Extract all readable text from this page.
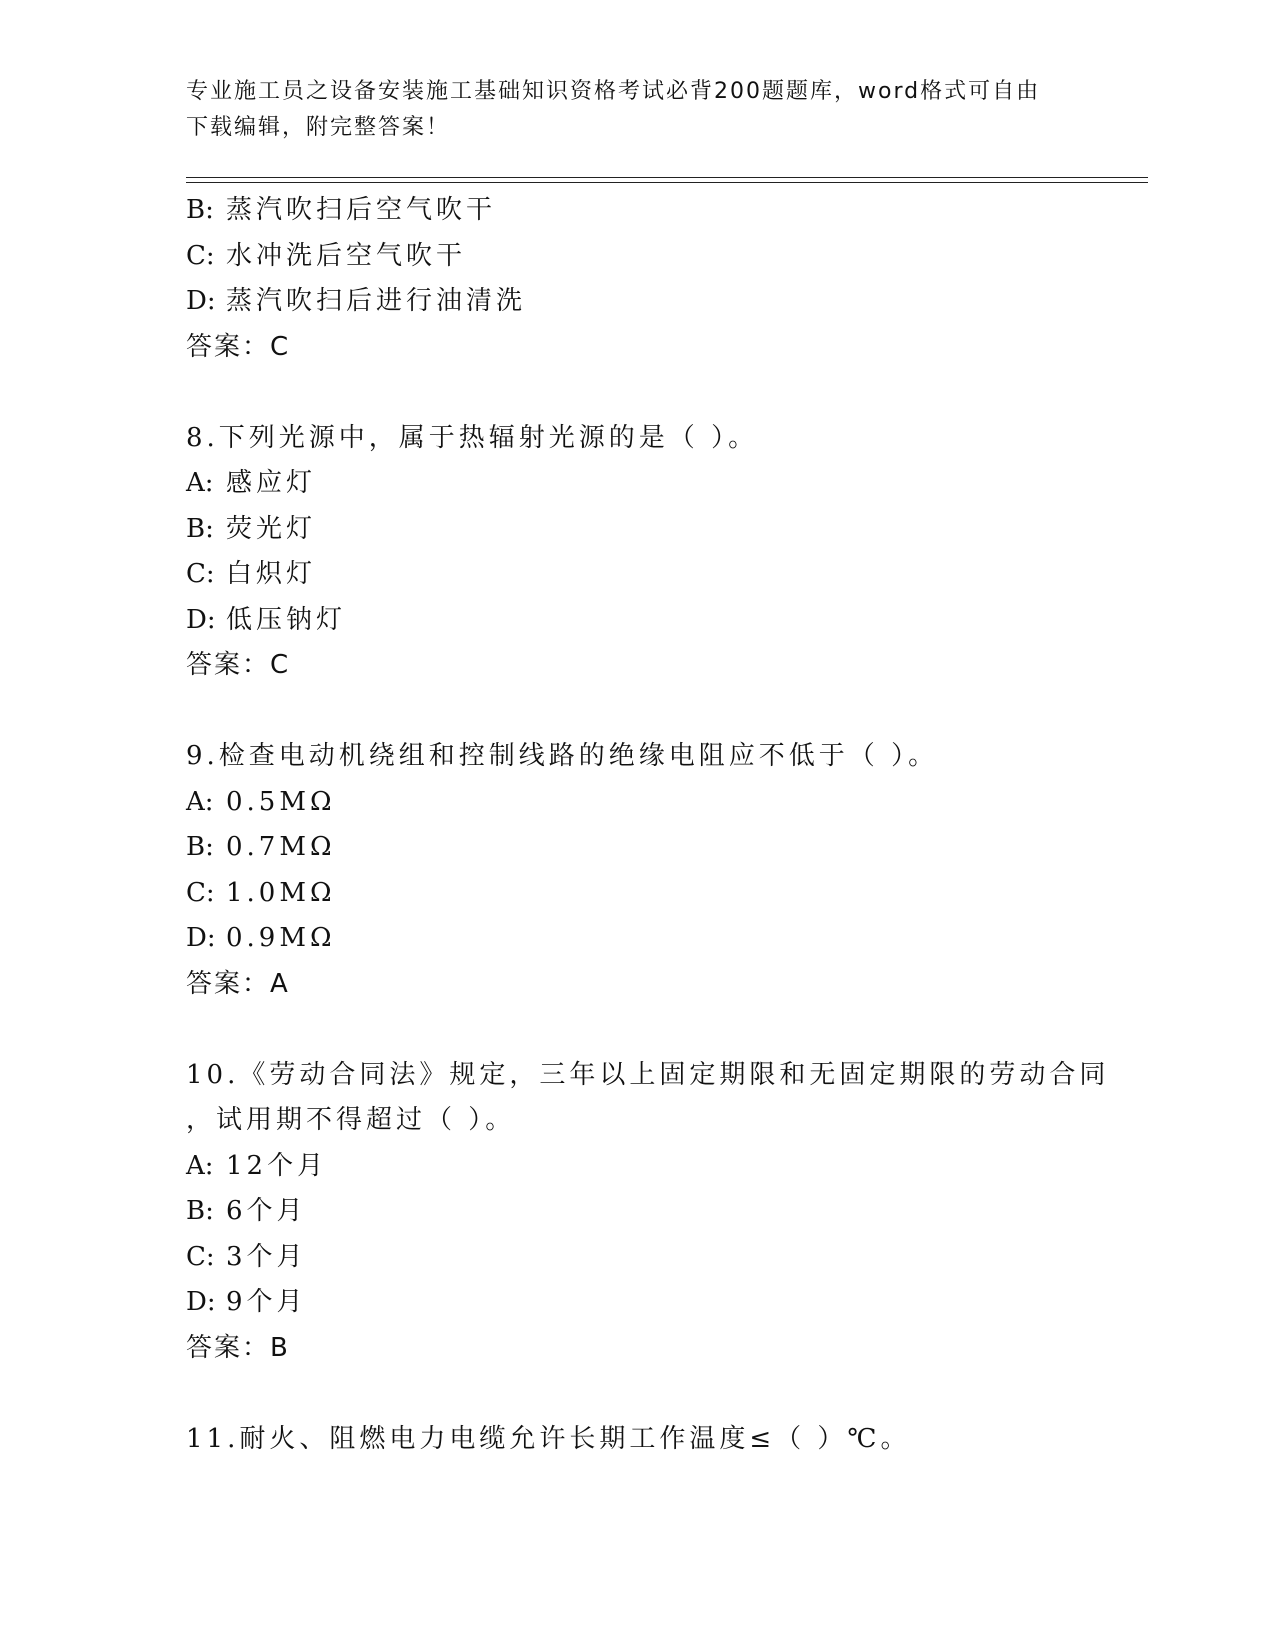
专业施工员之设备安装施工基础知识资格考试必背200题题库，word格式可自由
下载编辑，附完整答案！
B: 蒸汽吹扫后空气吹干
C: 水冲洗后空气吹干
D: 蒸汽吹扫后进行油清洗
答案：C
8.下列光源中，属于热辐射光源的是（ ）。
A: 感应灯
B: 荧光灯
C: 白炽灯
D: 低压钠灯
答案：C
9.检查电动机绕组和控制线路的绝缘电阻应不低于（ ）。
A: 0.5MΩ
B: 0.7MΩ
C: 1.0MΩ
D: 0.9MΩ
答案：A
10.《劳动合同法》规定，三年以上固定期限和无固定期限的劳动合同
，试用期不得超过（ ）。
A: 12个月
B: 6个月
C: 3个月
D: 9个月
答案：B
11.耐火、阻燃电力电缆允许长期工作温度≤（ ）℃。
